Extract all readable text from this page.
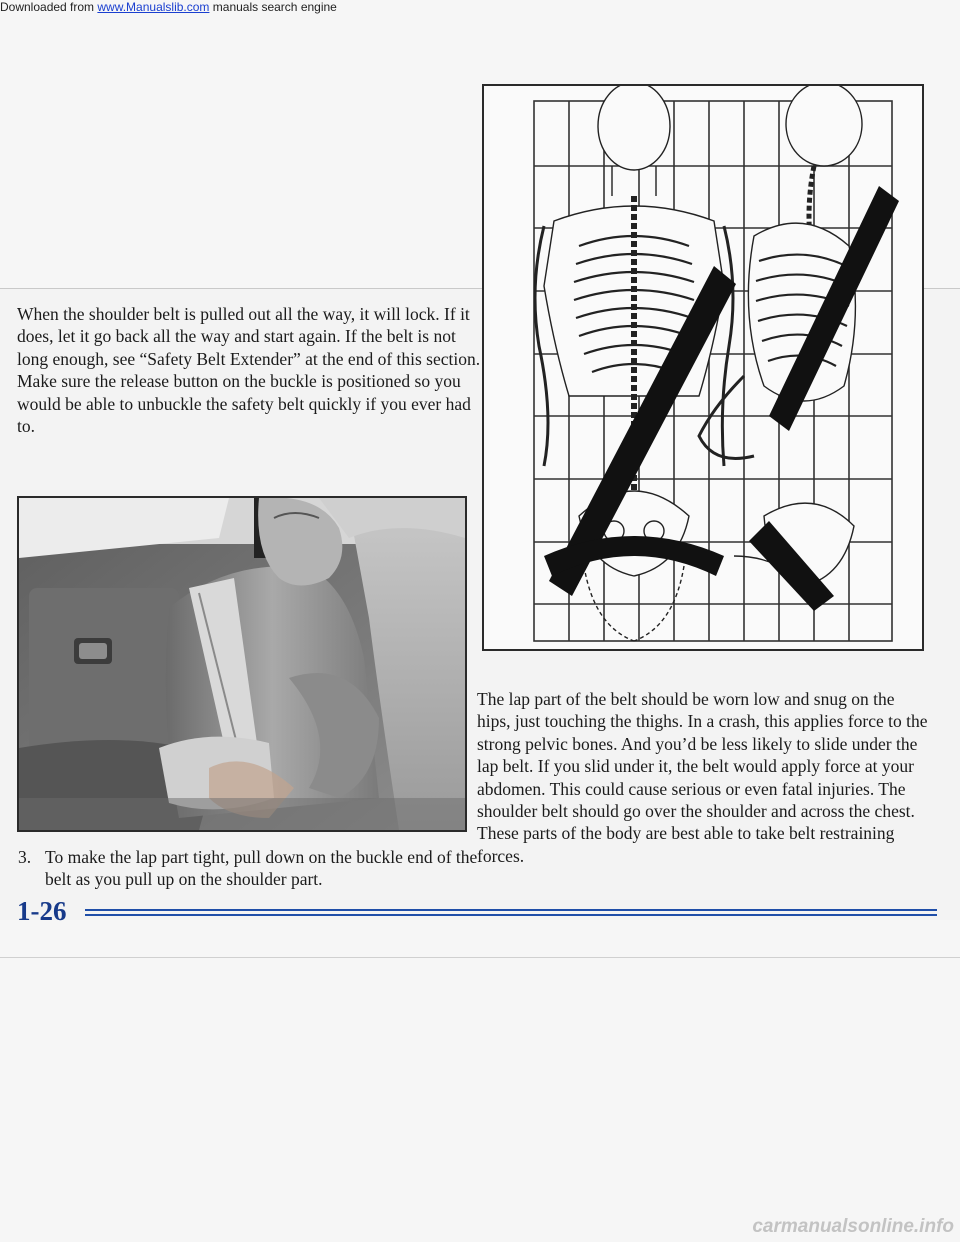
Downloaded from www.Manualslib.com manuals search engine

When the shoulder belt is pulled out all the way, it will lock. If it does, let it go back all the way and start again. If the belt is not long enough, see “Safety Belt Extender” at the end of this section. Make sure the release button on the buckle is positioned so you would be able to unbuckle the safety belt quickly if you ever had to.

3. To make the lap part tight, pull down on the buckle end of the belt as you pull up on the shoulder part.

The lap part of the belt should be worn low and snug on the hips, just touching the thighs. In a crash, this applies force to the strong pelvic bones. And you’d be less likely to slide under the lap belt. If you slid under it, the belt would apply force at your abdomen. This could cause serious or even fatal injuries. The shoulder belt should go over the shoulder and across the chest. These parts of the body are best able to take belt restraining forces.

1-26
carmanualsonline.info
